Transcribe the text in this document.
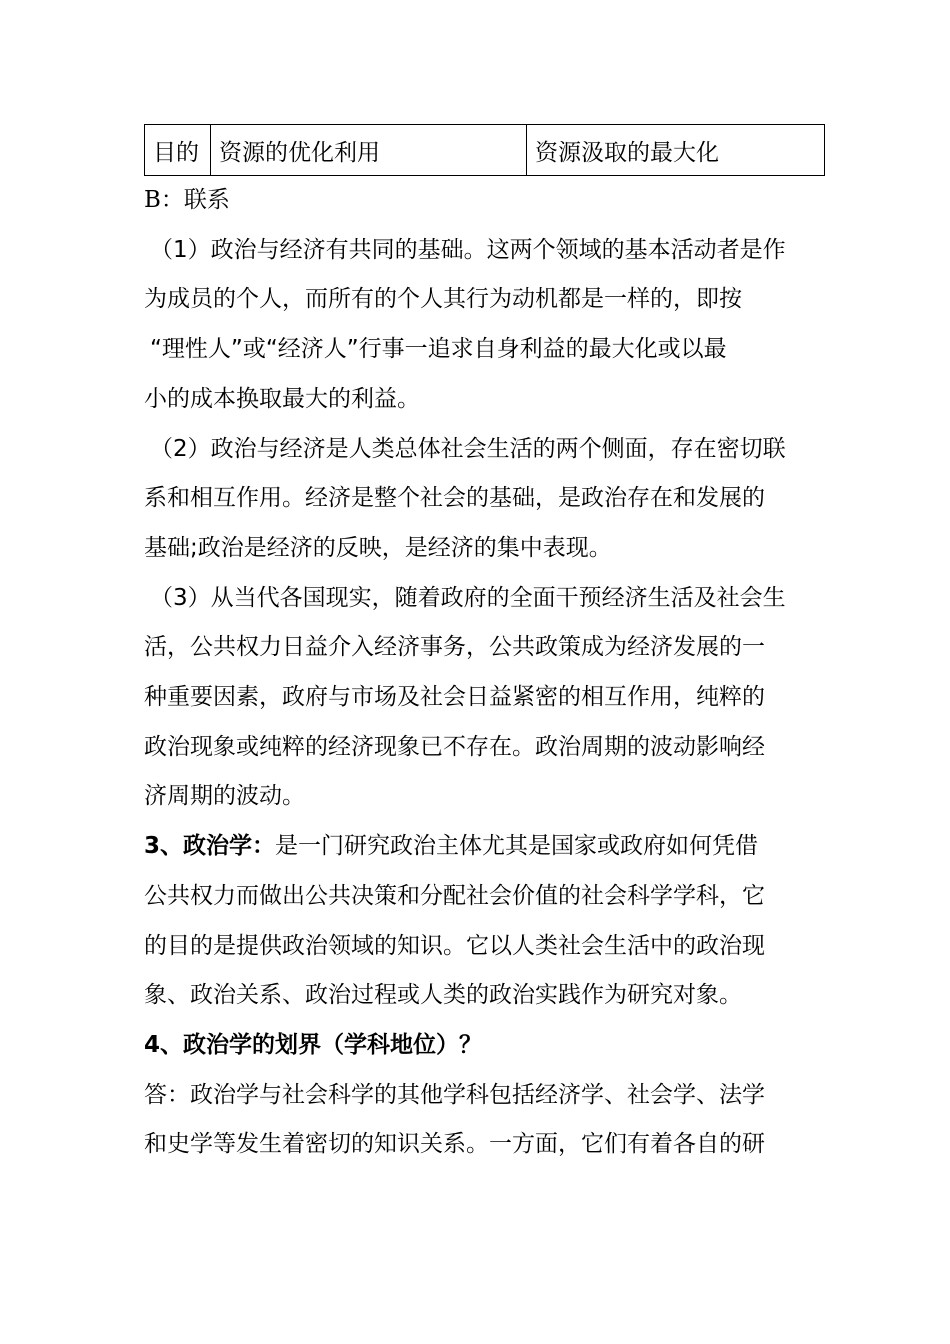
目的	资源的优化利用	资源汲取的最大化

B：联系

（1）政治与经济有共同的基础。这两个领域的基本活动者是作

为成员的个人，而所有的个人其行为动机都是一样的，即按

“理性人”或“经济人”行事一追求自身利益的最大化或以最

小的成本换取最大的利益。

（2）政治与经济是人类总体社会生活的两个侧面，存在密切联

系和相互作用。经济是整个社会的基础，是政治存在和发展的

基础;政治是经济的反映，是经济的集中表现。

（3）从当代各国现实，随着政府的全面干预经济生活及社会生

活，公共权力日益介入经济事务，公共政策成为经济发展的一

种重要因素，政府与市场及社会日益紧密的相互作用，纯粹的

政治现象或纯粹的经济现象已不存在。政治周期的波动影响经

济周期的波动。

3、政治学：是一门研究政治主体尤其是国家或政府如何凭借

公共权力而做出公共决策和分配社会价值的社会科学学科，它

的目的是提供政治领域的知识。它以人类社会生活中的政治现

象、政治关系、政治过程或人类的政治实践作为研究对象。

4、政治学的划界（学科地位）？

答：政治学与社会科学的其他学科包括经济学、社会学、法学

和史学等发生着密切的知识关系。一方面，它们有着各自的研
